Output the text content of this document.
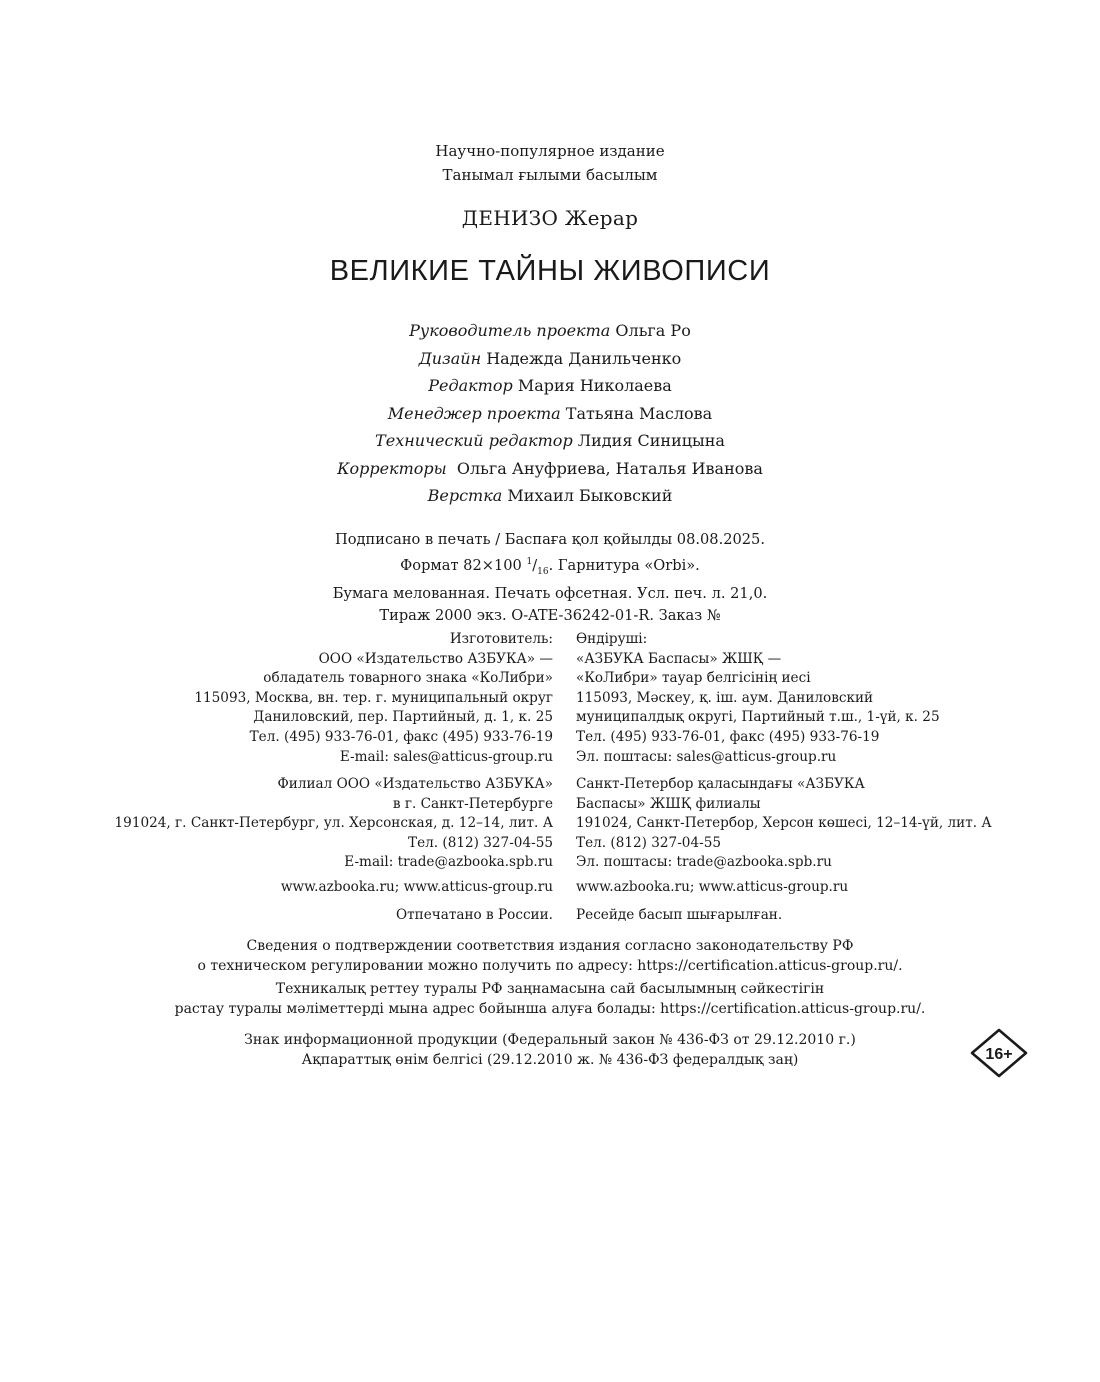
Научно-популярное издание
Танымал ғылыми басылым
ДЕНИЗО Жерар
ВЕЛИКИЕ ТАЙНЫ ЖИВОПИСИ
Руководитель проекта Ольга Ро
Дизайн Надежда Данильченко
Редактор Мария Николаева
Менеджер проекта Татьяна Маслова
Технический редактор Лидия Синицына
Корректоры Ольга Ануфриева, Наталья Иванова
Верстка Михаил Быковский
Подписано в печать / Баспаға қол қойылды 08.08.2025.
Формат 82×100 $^1/_{16}$. Гарнитура «Orbi».
Бумага мелованная. Печать офсетная. Усл. печ. л. 21,0.
Тираж 2000 экз. О-ATE-36242-01-R. Заказ №
Изготовитель:
ООО «Издательство АЗБУКА» —
обладатель товарного знака «КоЛибри»
115093, Москва, вн. тер. г. муниципальный округ
Даниловский, пер. Партийный, д. 1, к. 25
Тел. (495) 933-76-01, факс (495) 933-76-19
E-mail: sales@atticus-group.ru
Өндіруші:
«АЗБУКА Баспасы» ЖШҚ —
«КоЛибри» тауар белгісінің иесі
115093, Мәскеу, қ. іш. аум. Даниловский
муниципалдық округі, Партийный т.ш., 1-үй, к. 25
Тел. (495) 933-76-01, факс (495) 933-76-19
Эл. поштасы: sales@atticus-group.ru
Филиал ООО «Издательство АЗБУКА»
в г. Санкт-Петербурге
191024, г. Санкт-Петербург, ул. Херсонская, д. 12–14, лит. А
Тел. (812) 327-04-55
E-mail: trade@azbooka.spb.ru
Санкт-Петербор қаласындағы «АЗБУКА
Баспасы» ЖШҚ филиалы
191024, Санкт-Петербор, Херсон көшесі, 12–14-үй, лит. А
Тел. (812) 327-04-55
Эл. поштасы: trade@azbooka.spb.ru
www.azbooka.ru; www.atticus-group.ru www.azbooka.ru; www.atticus-group.ru
Отпечатано в России. Ресейде басып шығарылған.
Сведения о подтверждении соответствия издания согласно законодательству РФ
о техническом регулировании можно получить по адресу: https://certification.atticus-group.ru/.
Техникалық реттеу туралы РФ заңнамасына сай басылымның сәйкестігін
растау туралы мәліметтерді мына адрес бойынша алуға болады: https://certification.atticus-group.ru/.
Знак информационной продукции (Федеральный закон № 436-ФЗ от 29.12.2010 г.)
Ақпараттық өнім белгісі (29.12.2010 ж. № 436-ФЗ федералдық заң)	16+
